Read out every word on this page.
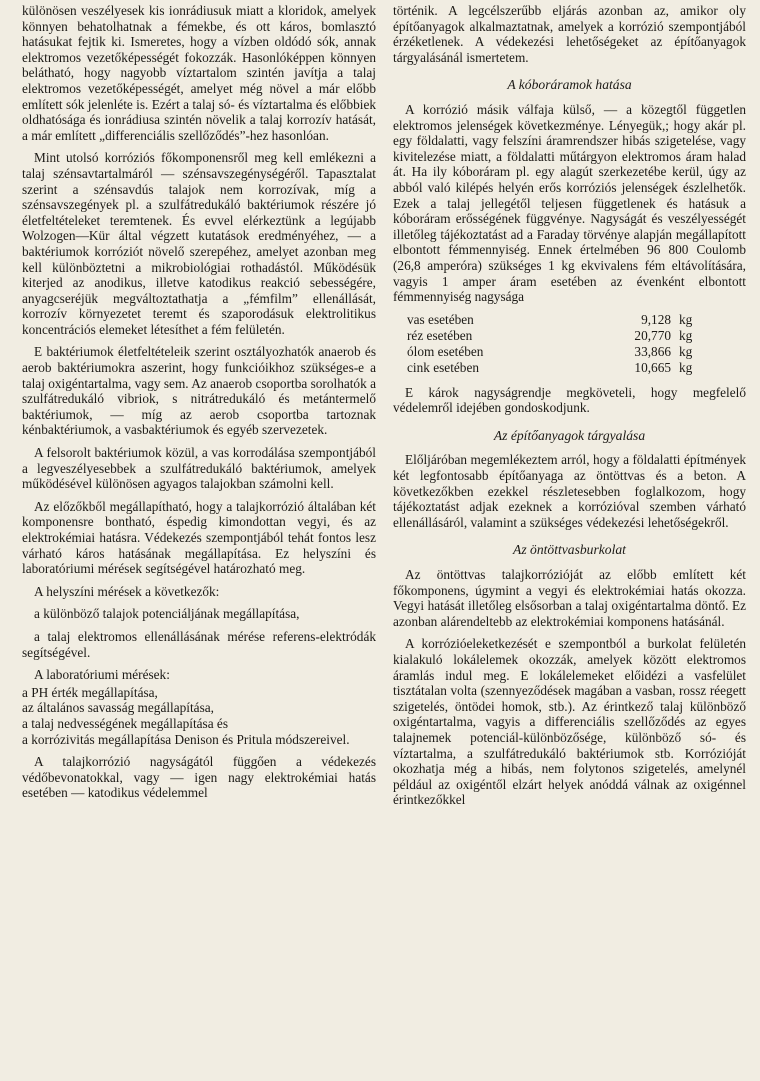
különösen veszélyesek kis ionrádiusuk miatt a kloridok, amelyek könnyen behatolhatnak a fémekbe, és ott káros, bomlasztó hatásukat fejtik ki. Ismeretes, hogy a vízben oldódó sók, annak elektromos vezetőképességét fokozzák. Hasonlóképpen könnyen belátható, hogy nagyobb víztartalom szintén javítja a talaj elektromos vezetőképességét, amelyet még növel a már előbb említett sók jelenléte is. Ezért a talaj só- és víztartalma és előbbiek oldhatósága és ionrádiusa szintén növelik a talaj korrozív hatását, a már említett „differenciális szellőződés”-hez hasonlóan.

Mint utolsó korróziós főkomponensről meg kell emlékezni a talaj szénsavtartalmáról — szénsavszegénységéről. Tapasztalat szerint a szénsavdús talajok nem korrozívak, míg a szénsavszegények pl. a szulfátredukáló baktériumok részére jó életfeltételeket teremtenek. És evvel elérkeztünk a legújabb Wolzogen—Kür által végzett kutatások eredményéhez, — a baktériumok korróziót növelő szerepéhez, amelyet azonban meg kell különböztetni a mikrobiológiai rothadástól. Működésük kiterjed az anodikus, illetve katodikus reakció sebességére, anyagcseréjük megváltoztathatja a „fémfilm” ellenállását, korrozív környezetet teremt és szaporodásuk elektrolitikus koncentrációs elemeket létesíthet a fém felületén.

E baktériumok életfeltételeik szerint osztályozhatók anaerob és aerob baktériumokra aszerint, hogy funkcióikhoz szükséges-e a talaj oxigéntartalma, vagy sem. Az anaerob csoportba sorolhatók a szulfátredukáló vibriok, s nitrátredukáló és metántermelő baktériumok, — míg az aerob csoportba tartoznak kénbaktériumok, a vasbaktériumok és egyéb szervezetek.

A felsorolt baktériumok közül, a vas korrodálása szempontjából a legveszélyesebbek a szulfátredukáló baktériumok, amelyek működésével különösen agyagos talajokban számolni kell.

Az előzőkből megállapítható, hogy a talajkorrózió általában két komponensre bontható, éspedig kimondottan vegyi, és az elektrokémiai hatásra. Védekezés szempontjából tehát fontos lesz várható káros hatásának megállapítása. Ez helyszíni és laboratóriumi mérések segítségével határozható meg.

A helyszíni mérések a következők:

a különböző talajok potenciáljának megállapítása,

a talaj elektromos ellenállásának mérése referens-elektródák segítségével.

A laboratóriumi mérések:

a PH érték megállapítása,

az általános savasság megállapítása,

a talaj nedvességének megállapítása és

a korrózivitás megállapítása Denison és Pritula módszereivel.

A talajkorrózió nagyságától függően a védekezés védőbevonatokkal, vagy — igen nagy elektrokémiai hatás esetében — katodikus védelemmel

történik. A legcélszerűbb eljárás azonban az, amikor oly építőanyagok alkalmaztatnak, amelyek a korrózió szempontjából érzéketlenek. A védekezési lehetőségeket az építőanyagok tárgyalásánál ismertetem.

A kóboráramok hatása

A korrózió másik válfaja külső, — a közegtől független elektromos jelenségek következménye. Lényegük,; hogy akár pl. egy földalatti, vagy felszíni áramrendszer hibás szigetelése, vagy kivitelezése miatt, a földalatti műtárgyon elektromos áram halad át. Ha ily kóboráram pl. egy alagút szerkezetébe kerül, úgy az abból való kilépés helyén erős korróziós jelenségek észlelhetők. Ezek a talaj jellegétől teljesen függetlenek és hatásuk a kóboráram erősségének függvénye. Nagyságát és veszélyességét illetőleg tájékoztatást ad a Faraday törvénye alapján megállapított elbontott fémmennyiség. Ennek értelmében 96 800 Coulomb (26,8 amperóra) szükséges 1 kg ekvivalens fém eltávolítására, vagyis 1 amper áram esetében az évenként elbontott fémmennyiség nagysága

vas esetében	9,128	kg
réz esetében	20,770	kg
ólom esetében	33,866	kg
cink esetében	10,665	kg

E károk nagyságrendje megköveteli, hogy megfelelő védelemről idejében gondoskodjunk.

Az építőanyagok tárgyalása

Előljáróban megemlékeztem arról, hogy a földalatti építmények két legfontosabb építőanyaga az öntöttvas és a beton. A következőkben ezekkel részletesebben foglalkozom, hogy tájékoztatást adjak ezeknek a korrózióval szemben várható ellenállásáról, valamint a szükséges védekezési lehetőségekről.

Az öntöttvasburkolat

Az öntöttvas talajkorrózióját az előbb említett két főkomponens, úgymint a vegyi és elektrokémiai hatás okozza. Vegyi hatását illetőleg elsősorban a talaj oxigéntartalma döntő. Ez azonban alárendeltebb az elektrokémiai komponens hatásánál.

A korrózióeleketkezését e szempontból a burkolat felületén kialakuló lokálelemek okozzák, amelyek között elektromos áramlás indul meg. E lokálelemeket előidézi a vasfelület tisztátalan volta (szennyeződések magában a vasban, rossz réegett szigetelés, öntödei homok, stb.). Az érintkező talaj különböző oxigéntartalma, vagyis a differenciális szellőződés az egyes talajnemek potenciál-különbözősége, különböző só- és víztartalma, a szulfátredukáló baktériumok stb. Korrózióját okozhatja még a hibás, nem folytonos szigetelés, amelynél például az oxigéntől elzárt helyek anóddá válnak az oxigénnel érintkezőkkel
